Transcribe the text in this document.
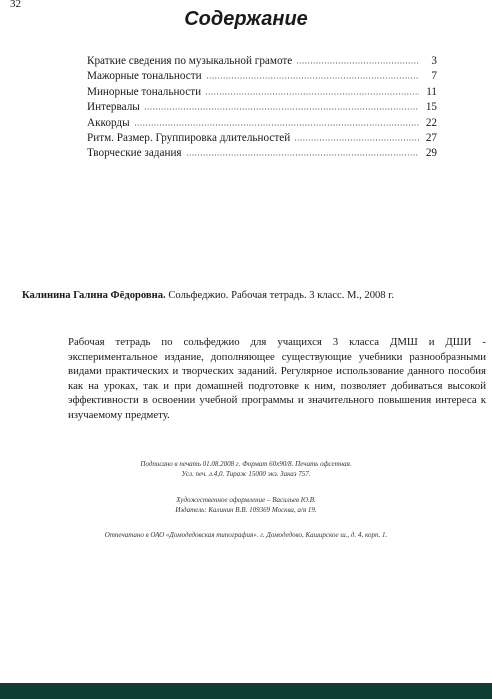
32
Содержание
Краткие сведения по музыкальной грамоте	3
Мажорные тональности	7
Минорные тональности	11
Интервалы	15
Аккорды	22
Ритм. Размер. Группировка длительностей	27
Творческие задания	29
Калинина Галина Фёдоровна. Сольфеджио. Рабочая тетрадь. 3 класс. М., 2008 г.
Рабочая тетрадь по сольфеджио для учащихся 3 класса ДМШ и ДШИ - экспериментальное издание, дополняющее существующие учебники разнообразными видами практических и творческих заданий. Регулярное использование данного пособия как на уроках, так и при домашней подготовке к ним, позволяет добиваться высокой эффективности в освоении учебной программы и значительного повышения интереса к изучаемому предмету.
Подписано в печать 01.08.2008 г. Формат 60x90/8. Печать офсетная.
Усл. печ. л.4,0. Тираж 15000 экз. Заказ 757.
Художественное оформление – Васильев Ю.В.
Издатель: Калинин В.В. 109369 Москва, а/я 19.
Отпечатано в ОАО «Домодедовская типография». г. Домодедово, Каширское ш., д. 4, корп. 1.
